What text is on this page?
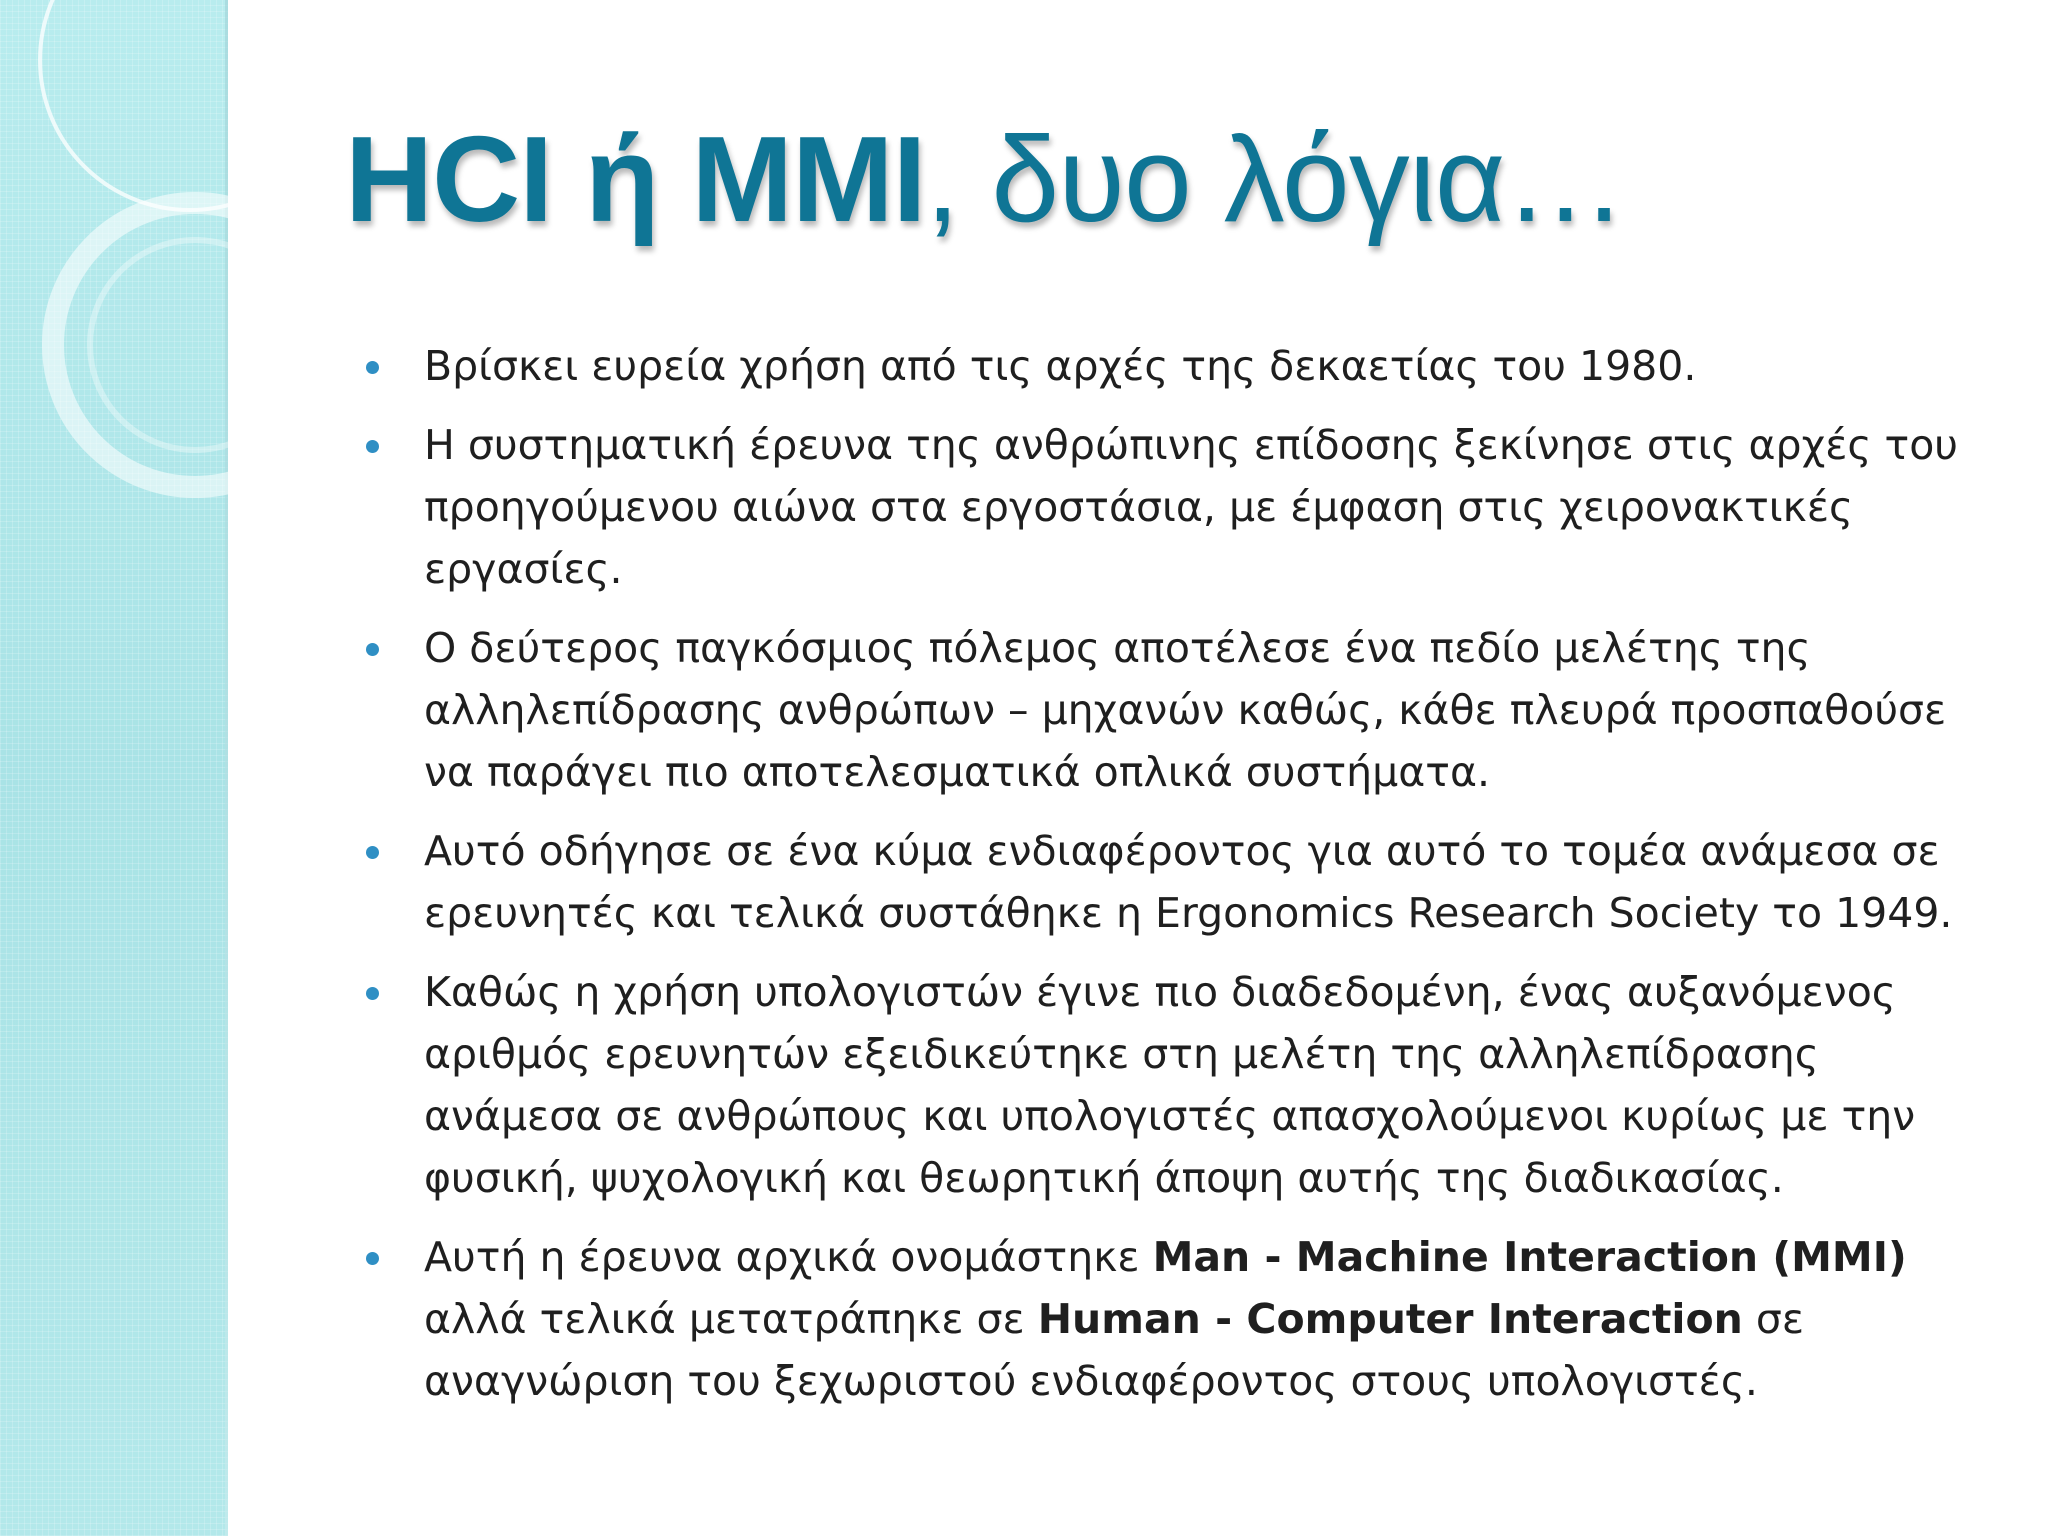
HCI ή MMI, δυο λόγια…
Βρίσκει ευρεία χρήση από τις αρχές της δεκαετίας του 1980.
Η συστηματική έρευνα της ανθρώπινης επίδοσης ξεκίνησε στις αρχές του προηγούμενου αιώνα στα εργοστάσια, με έμφαση στις χειρονακτικές εργασίες.
Ο δεύτερος παγκόσμιος πόλεμος αποτέλεσε ένα πεδίο μελέτης της αλληλεπίδρασης ανθρώπων – μηχανών καθώς, κάθε πλευρά προσπαθούσε να παράγει πιο αποτελεσματικά οπλικά συστήματα.
Αυτό οδήγησε σε ένα κύμα ενδιαφέροντος για αυτό το τομέα ανάμεσα σε ερευνητές και τελικά συστάθηκε η Ergonomics Research Society το 1949.
Καθώς η χρήση υπολογιστών έγινε πιο διαδεδομένη, ένας αυξανόμενος αριθμός ερευνητών εξειδικεύτηκε στη μελέτη της αλληλεπίδρασης ανάμεσα σε ανθρώπους και υπολογιστές απασχολούμενοι κυρίως με την φυσική, ψυχολογική και θεωρητική άποψη αυτής της διαδικασίας.
Αυτή η έρευνα αρχικά ονομάστηκε Man - Machine Interaction (MMI) αλλά τελικά μετατράπηκε σε Human - Computer Interaction σε αναγνώριση του ξεχωριστού ενδιαφέροντος στους υπολογιστές.
